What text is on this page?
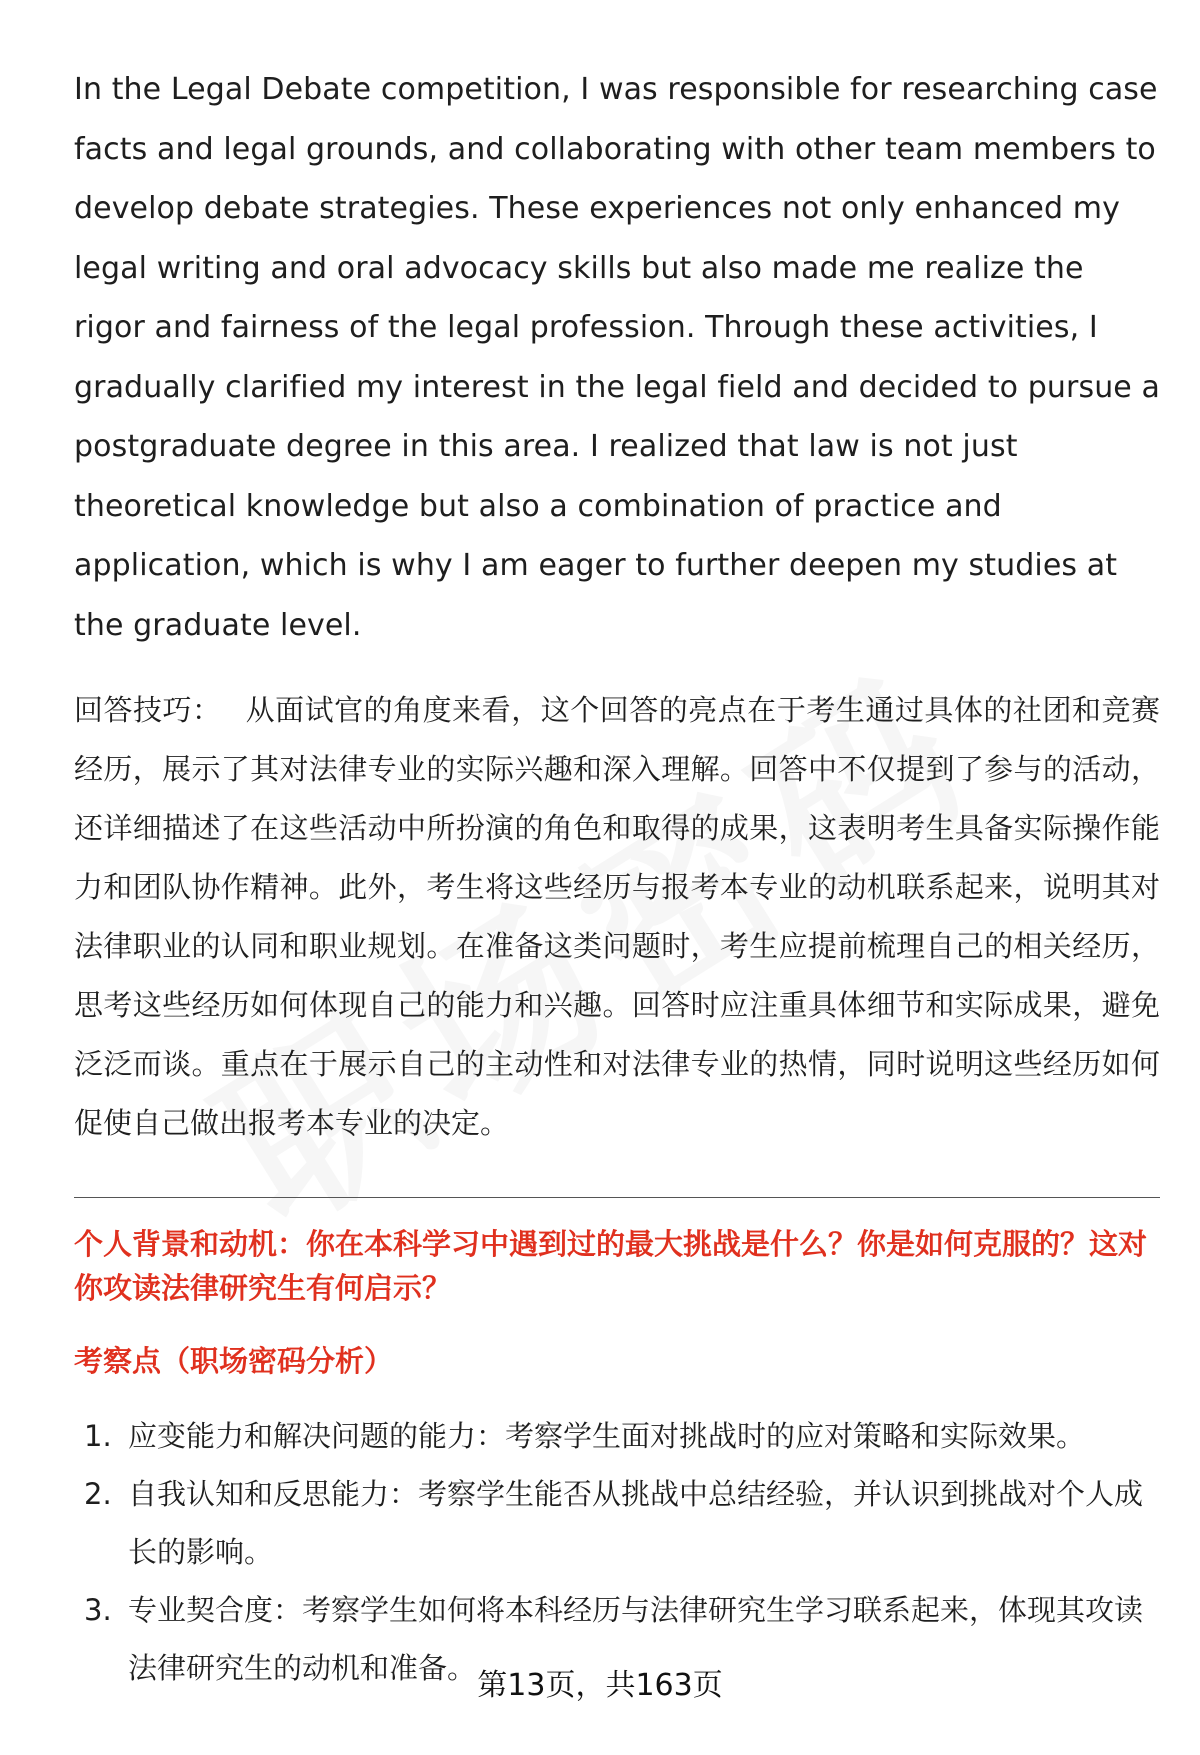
In the Legal Debate competition, I was responsible for researching case facts and legal grounds, and collaborating with other team members to develop debate strategies. These experiences not only enhanced my legal writing and oral advocacy skills but also made me realize the rigor and fairness of the legal profession. Through these activities, I gradually clarified my interest in the legal field and decided to pursue a postgraduate degree in this area. I realized that law is not just theoretical knowledge but also a combination of practice and application, which is why I am eager to further deepen my studies at the graduate level.

回答技巧： 从面试官的角度来看，这个回答的亮点在于考生通过具体的社团和竞赛经历，展示了其对法律专业的实际兴趣和深入理解。回答中不仅提到了参与的活动，还详细描述了在这些活动中所扮演的角色和取得的成果，这表明考生具备实际操作能力和团队协作精神。此外，考生将这些经历与报考本专业的动机联系起来，说明其对法律职业的认同和职业规划。在准备这类问题时，考生应提前梳理自己的相关经历，思考这些经历如何体现自己的能力和兴趣。回答时应注重具体细节和实际成果，避免泛泛而谈。重点在于展示自己的主动性和对法律专业的热情，同时说明这些经历如何促使自己做出报考本专业的决定。

个人背景和动机：你在本科学习中遇到过的最大挑战是什么？你是如何克服的？这对你攻读法律研究生有何启示？

考察点（职场密码分析）

1. 应变能力和解决问题的能力：考察学生面对挑战时的应对策略和实际效果。
2. 自我认知和反思能力：考察学生能否从挑战中总结经验，并认识到挑战对个人成长的影响。
3. 专业契合度：考察学生如何将本科经历与法律研究生学习联系起来，体现其攻读法律研究生的动机和准备。 第13页，共163页
